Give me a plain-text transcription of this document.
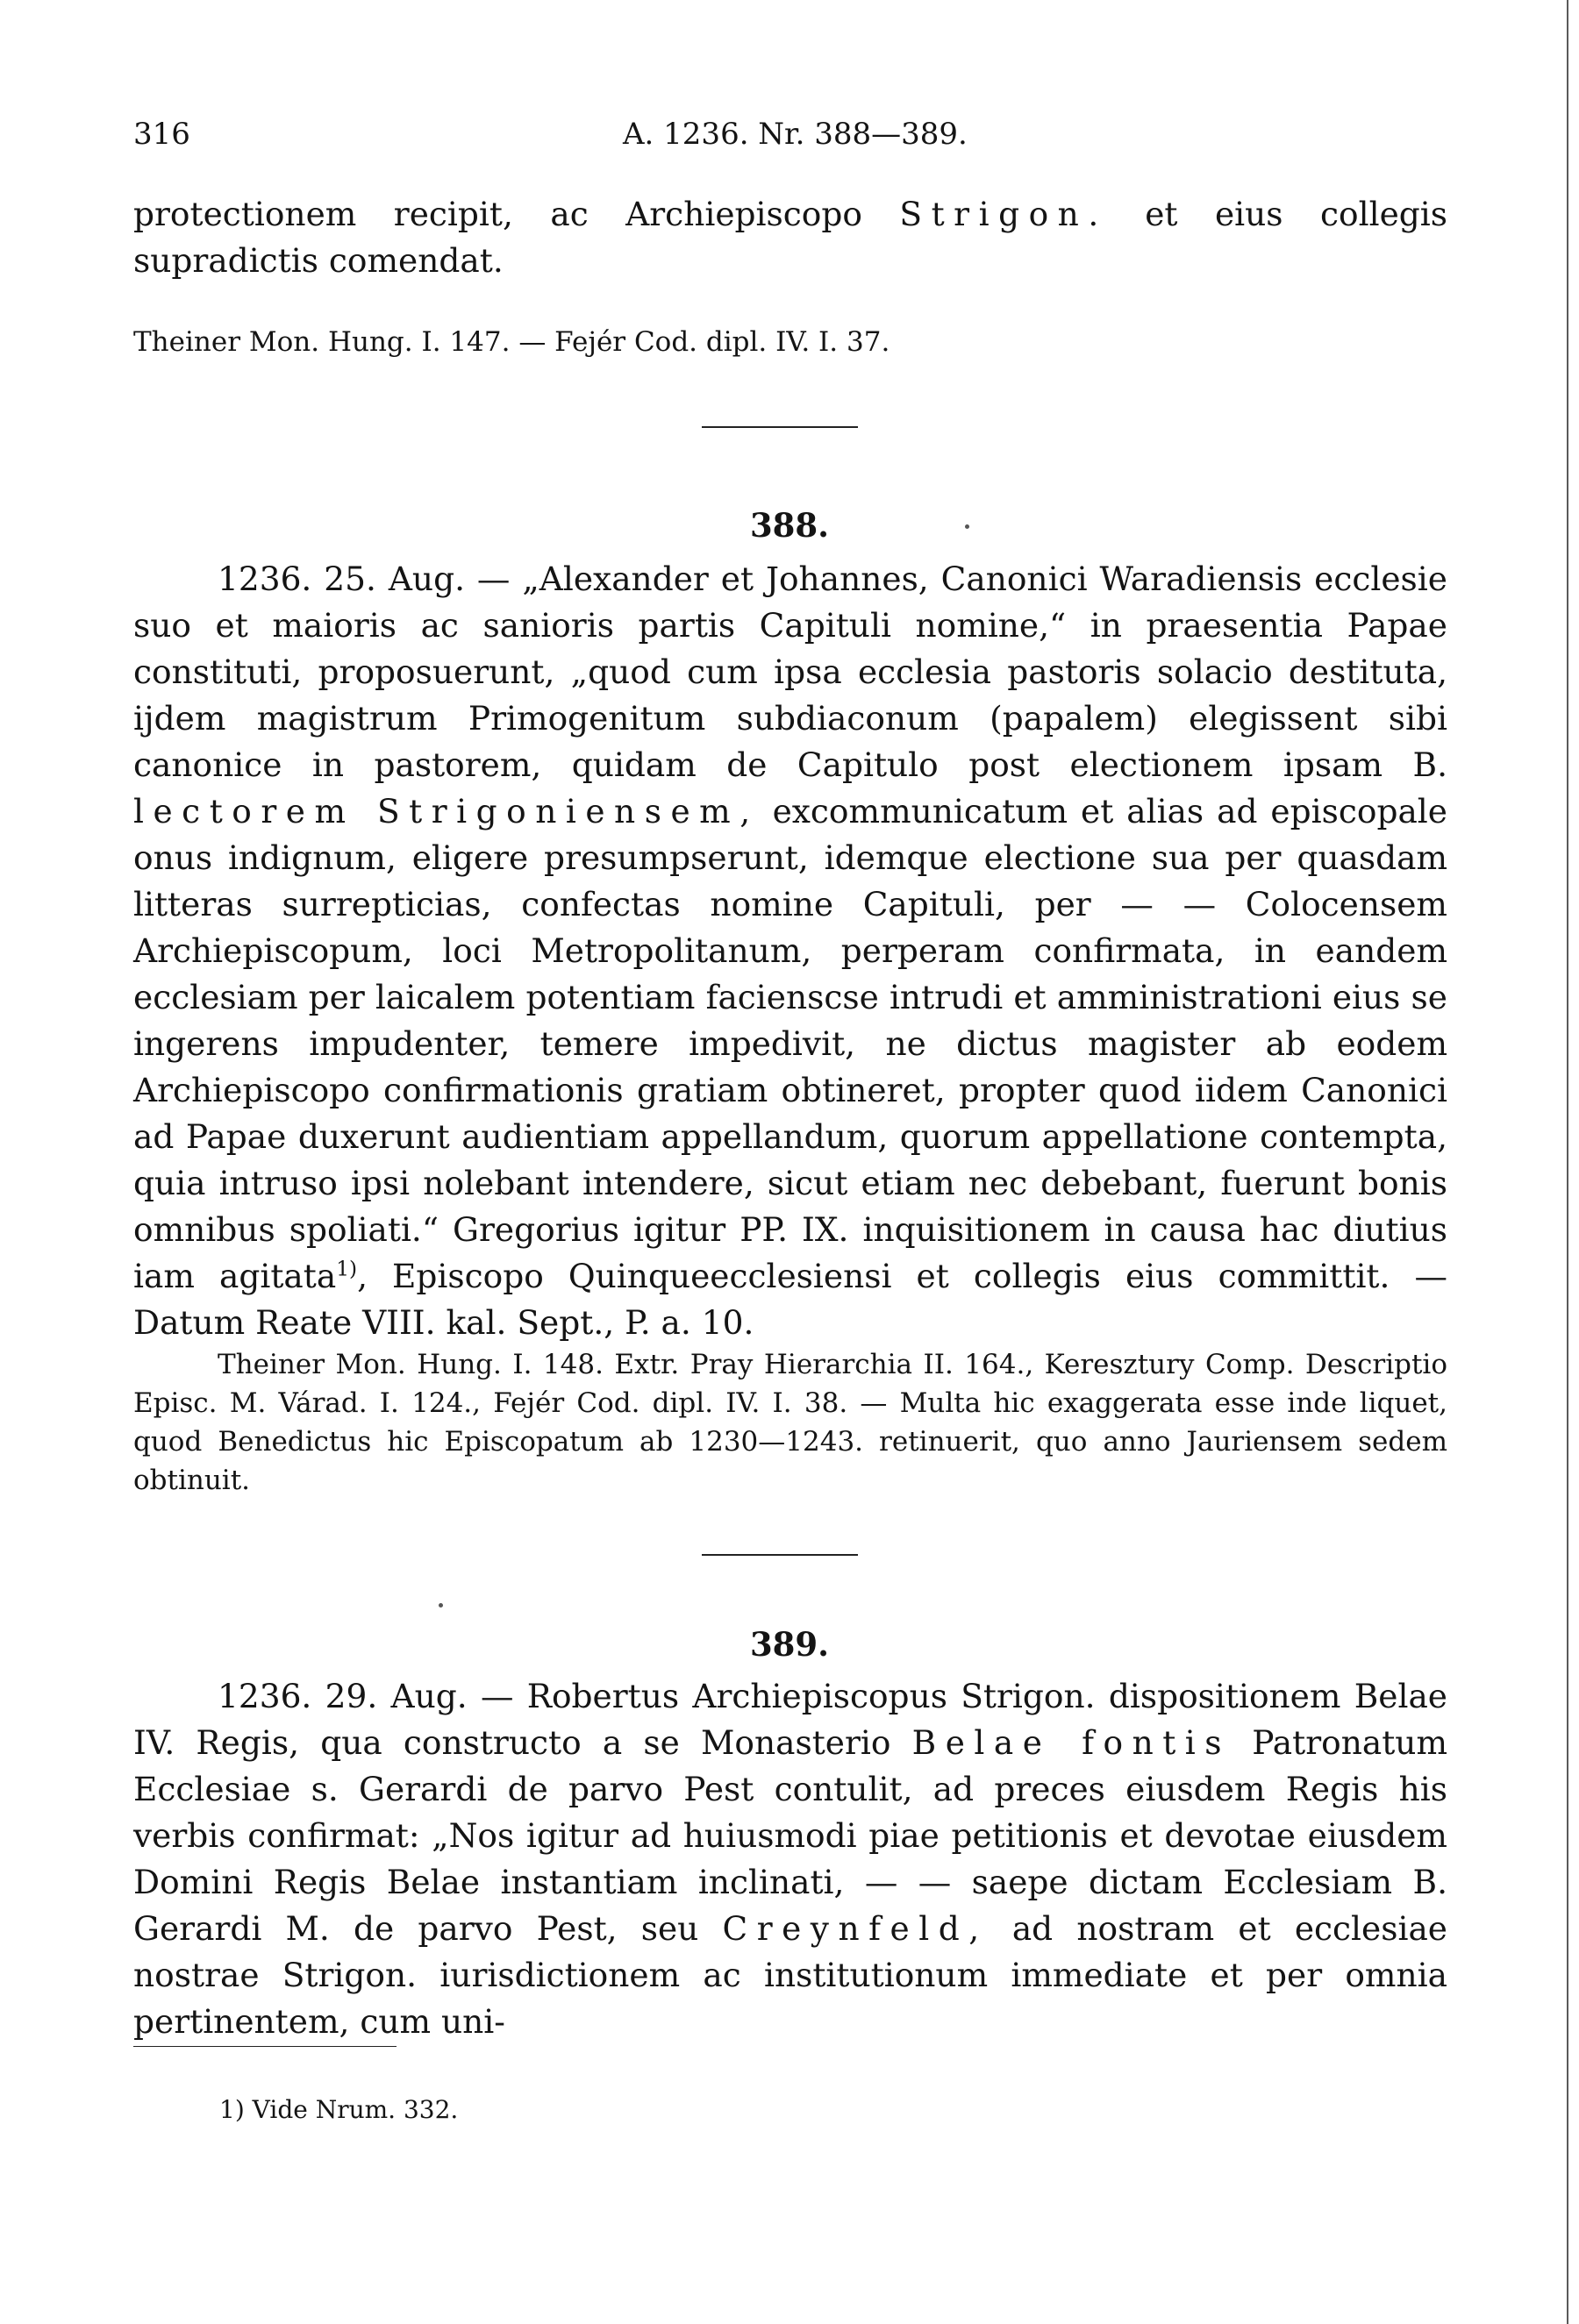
316	A. 1236. Nr. 388—389.
protectionem recipit, ac Archiepiscopo Strigon. et eius collegis supradictis comendat.
Theiner Mon. Hung. I. 147. — Fejér Cod. dipl. IV. I. 37.
388.
1236. 25. Aug. — „Alexander et Johannes, Canonici Waradiensis ecclesie suo et maioris ac sanioris partis Capituli nomine,“ in praesentia Papae constituti, proposuerunt, „quod cum ipsa ecclesia pastoris solacio destituta, ijdem magistrum Primogenitum subdiaconum (papalem) elegissent sibi canonice in pastorem, quidam de Capitulo post electionem ipsam B. lectorem Strigoniensem, excommunicatum et alias ad episcopale onus indignum, eligere presumpserunt, idemque electione sua per quasdam litteras surrepticias, confectas nomine Capituli, per — — Colocensem Archiepiscopum, loci Metropolitanum, perperam confirmata, in eandem ecclesiam per laicalem potentiam facienscse intrudi et amministrationi eius se ingerens impudenter, temere impedivit, ne dictus magister ab eodem Archiepiscopo confirmationis gratiam obtineret, propter quod iidem Canonici ad Papae duxerunt audientiam appellandum, quorum appellatione contempta, quia intruso ipsi nolebant intendere, sicut etiam nec debebant, fuerunt bonis omnibus spoliati.“ Gregorius igitur PP. IX. inquisitionem in causa hac diutius iam agitata$^{1)}$, Episcopo Quinqueecclesiensi et collegis eius committit. — Datum Reate VIII. kal. Sept., P. a. 10.
Theiner Mon. Hung. I. 148. Extr. Pray Hierarchia II. 164., Keresztury Comp. Descriptio Episc. M. Várad. I. 124., Fejér Cod. dipl. IV. I. 38. — Multa hic exaggerata esse inde liquet, quod Benedictus hic Episcopatum ab 1230—1243. retinuerit, quo anno Jauriensem sedem obtinuit.
389.
1236. 29. Aug. — Robertus Archiepiscopus Strigon. dispositionem Belae IV. Regis, qua constructo a se Monasterio Belae fontis Patronatum Ecclesiae s. Gerardi de parvo Pest contulit, ad preces eiusdem Regis his verbis confirmat: „Nos igitur ad huiusmodi piae petitionis et devotae eiusdem Domini Regis Belae instantiam inclinati, — — saepe dictam Ecclesiam B. Gerardi M. de parvo Pest, seu Creynfeld, ad nostram et ecclesiae nostrae Strigon. iurisdictionem ac institutionum immediate et per omnia pertinentem, cum uni-
1) Vide Nrum. 332.
